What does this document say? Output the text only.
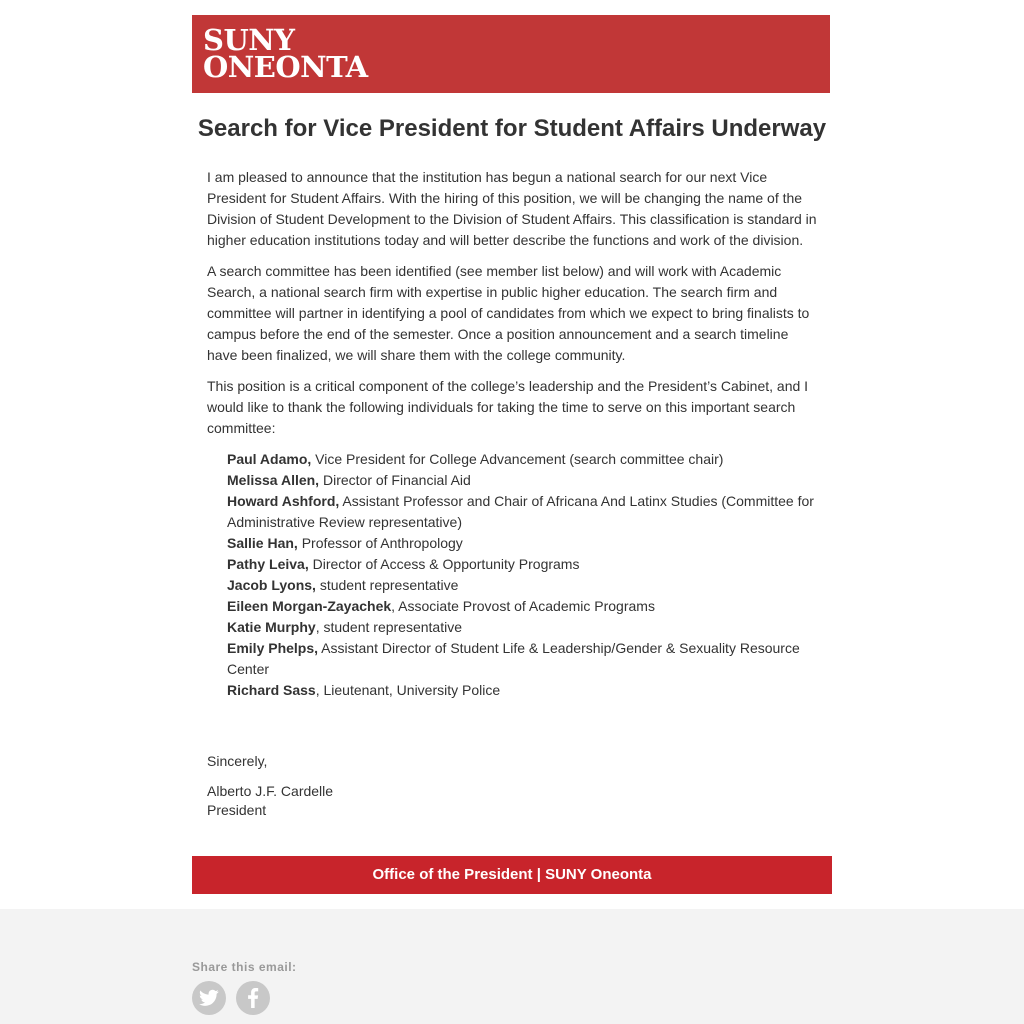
SUNY
ONEONTA
Search for Vice President for Student Affairs Underway

I am pleased to announce that the institution has begun a national search for our next Vice President for Student Affairs. With the hiring of this position, we will be changing the name of the Division of Student Development to the Division of Student Affairs. This classification is standard in higher education institutions today and will better describe the functions and work of the division.

A search committee has been identified (see member list below) and will work with Academic Search, a national search firm with expertise in public higher education. The search firm and committee will partner in identifying a pool of candidates from which we expect to bring finalists to campus before the end of the semester. Once a position announcement and a search timeline have been finalized, we will share them with the college community.

This position is a critical component of the college’s leadership and the President’s Cabinet, and I would like to thank the following individuals for taking the time to serve on this important search committee:

Paul Adamo, Vice President for College Advancement (search committee chair)
Melissa Allen, Director of Financial Aid
Howard Ashford, Assistant Professor and Chair of Africana And Latinx Studies (Committee for Administrative Review representative)
Sallie Han, Professor of Anthropology
Pathy Leiva, Director of Access & Opportunity Programs
Jacob Lyons, student representative
Eileen Morgan-Zayachek, Associate Provost of Academic Programs
Katie Murphy, student representative
Emily Phelps, Assistant Director of Student Life & Leadership/Gender & Sexuality Resource Center
Richard Sass, Lieutenant, University Police
Sincerely,
Alberto J.F. Cardelle
President
Office of the President | SUNY Oneonta
Share this email:
